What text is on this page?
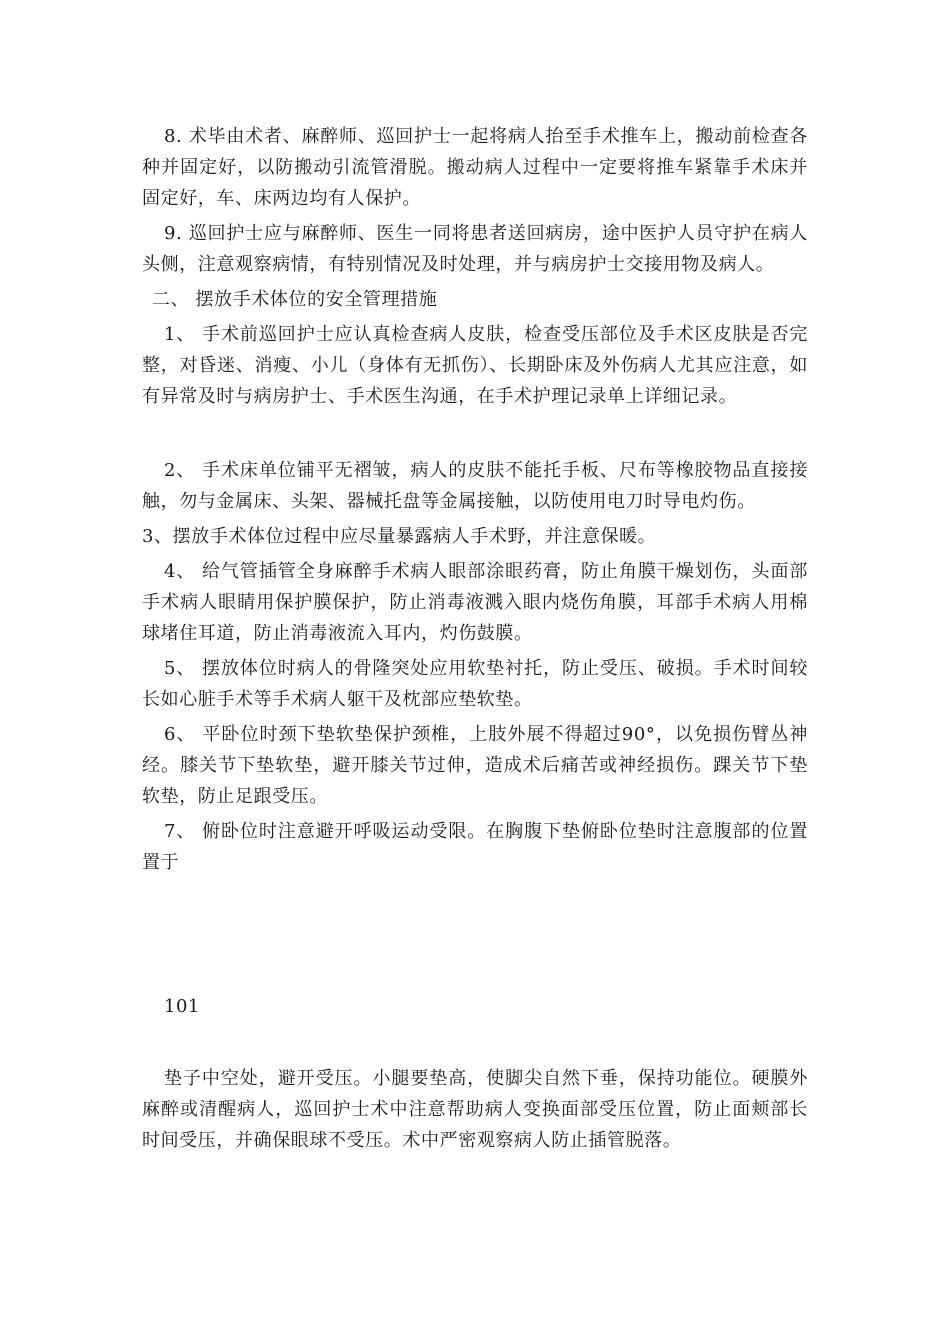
8. 术毕由术者、麻醉师、巡回护士一起将病人抬至手术推车上，搬动前检查各种并固定好，以防搬动引流管滑脱。搬动病人过程中一定要将推车紧靠手术床并固定好，车、床两边均有人保护。

9. 巡回护士应与麻醉师、医生一同将患者送回病房，途中医护人员守护在病人头侧，注意观察病情，有特别情况及时处理，并与病房护士交接用物及病人。

二、 摆放手术体位的安全管理措施

1、 手术前巡回护士应认真检查病人皮肤，检查受压部位及手术区皮肤是否完整，对昏迷、消瘦、小儿（身体有无抓伤）、长期卧床及外伤病人尤其应注意，如有异常及时与病房护士、手术医生沟通，在手术护理记录单上详细记录。

2、 手术床单位铺平无褶皱，病人的皮肤不能托手板、尺布等橡胶物品直接接触，勿与金属床、头架、器械托盘等金属接触，以防使用电刀时导电灼伤。

3、摆放手术体位过程中应尽量暴露病人手术野，并注意保暖。

4、 给气管插管全身麻醉手术病人眼部涂眼药膏，防止角膜干燥划伤，头面部手术病人眼睛用保护膜保护，防止消毒液溅入眼内烧伤角膜，耳部手术病人用棉球堵住耳道，防止消毒液流入耳内，灼伤鼓膜。

5、 摆放体位时病人的骨隆突处应用软垫衬托，防止受压、破损。手术时间较长如心脏手术等手术病人躯干及枕部应垫软垫。

6、 平卧位时颈下垫软垫保护颈椎，上肢外展不得超过90°，以免损伤臂丛神经。膝关节下垫软垫，避开膝关节过伸，造成术后痛苦或神经损伤。踝关节下垫软垫，防止足跟受压。

7、 俯卧位时注意避开呼吸运动受限。在胸腹下垫俯卧位垫时注意腹部的位置置于

101

垫子中空处，避开受压。小腿要垫高，使脚尖自然下垂，保持功能位。硬膜外麻醉或清醒病人，巡回护士术中注意帮助病人变换面部受压位置，防止面颊部长时间受压，并确保眼球不受压。术中严密观察病人防止插管脱落。
